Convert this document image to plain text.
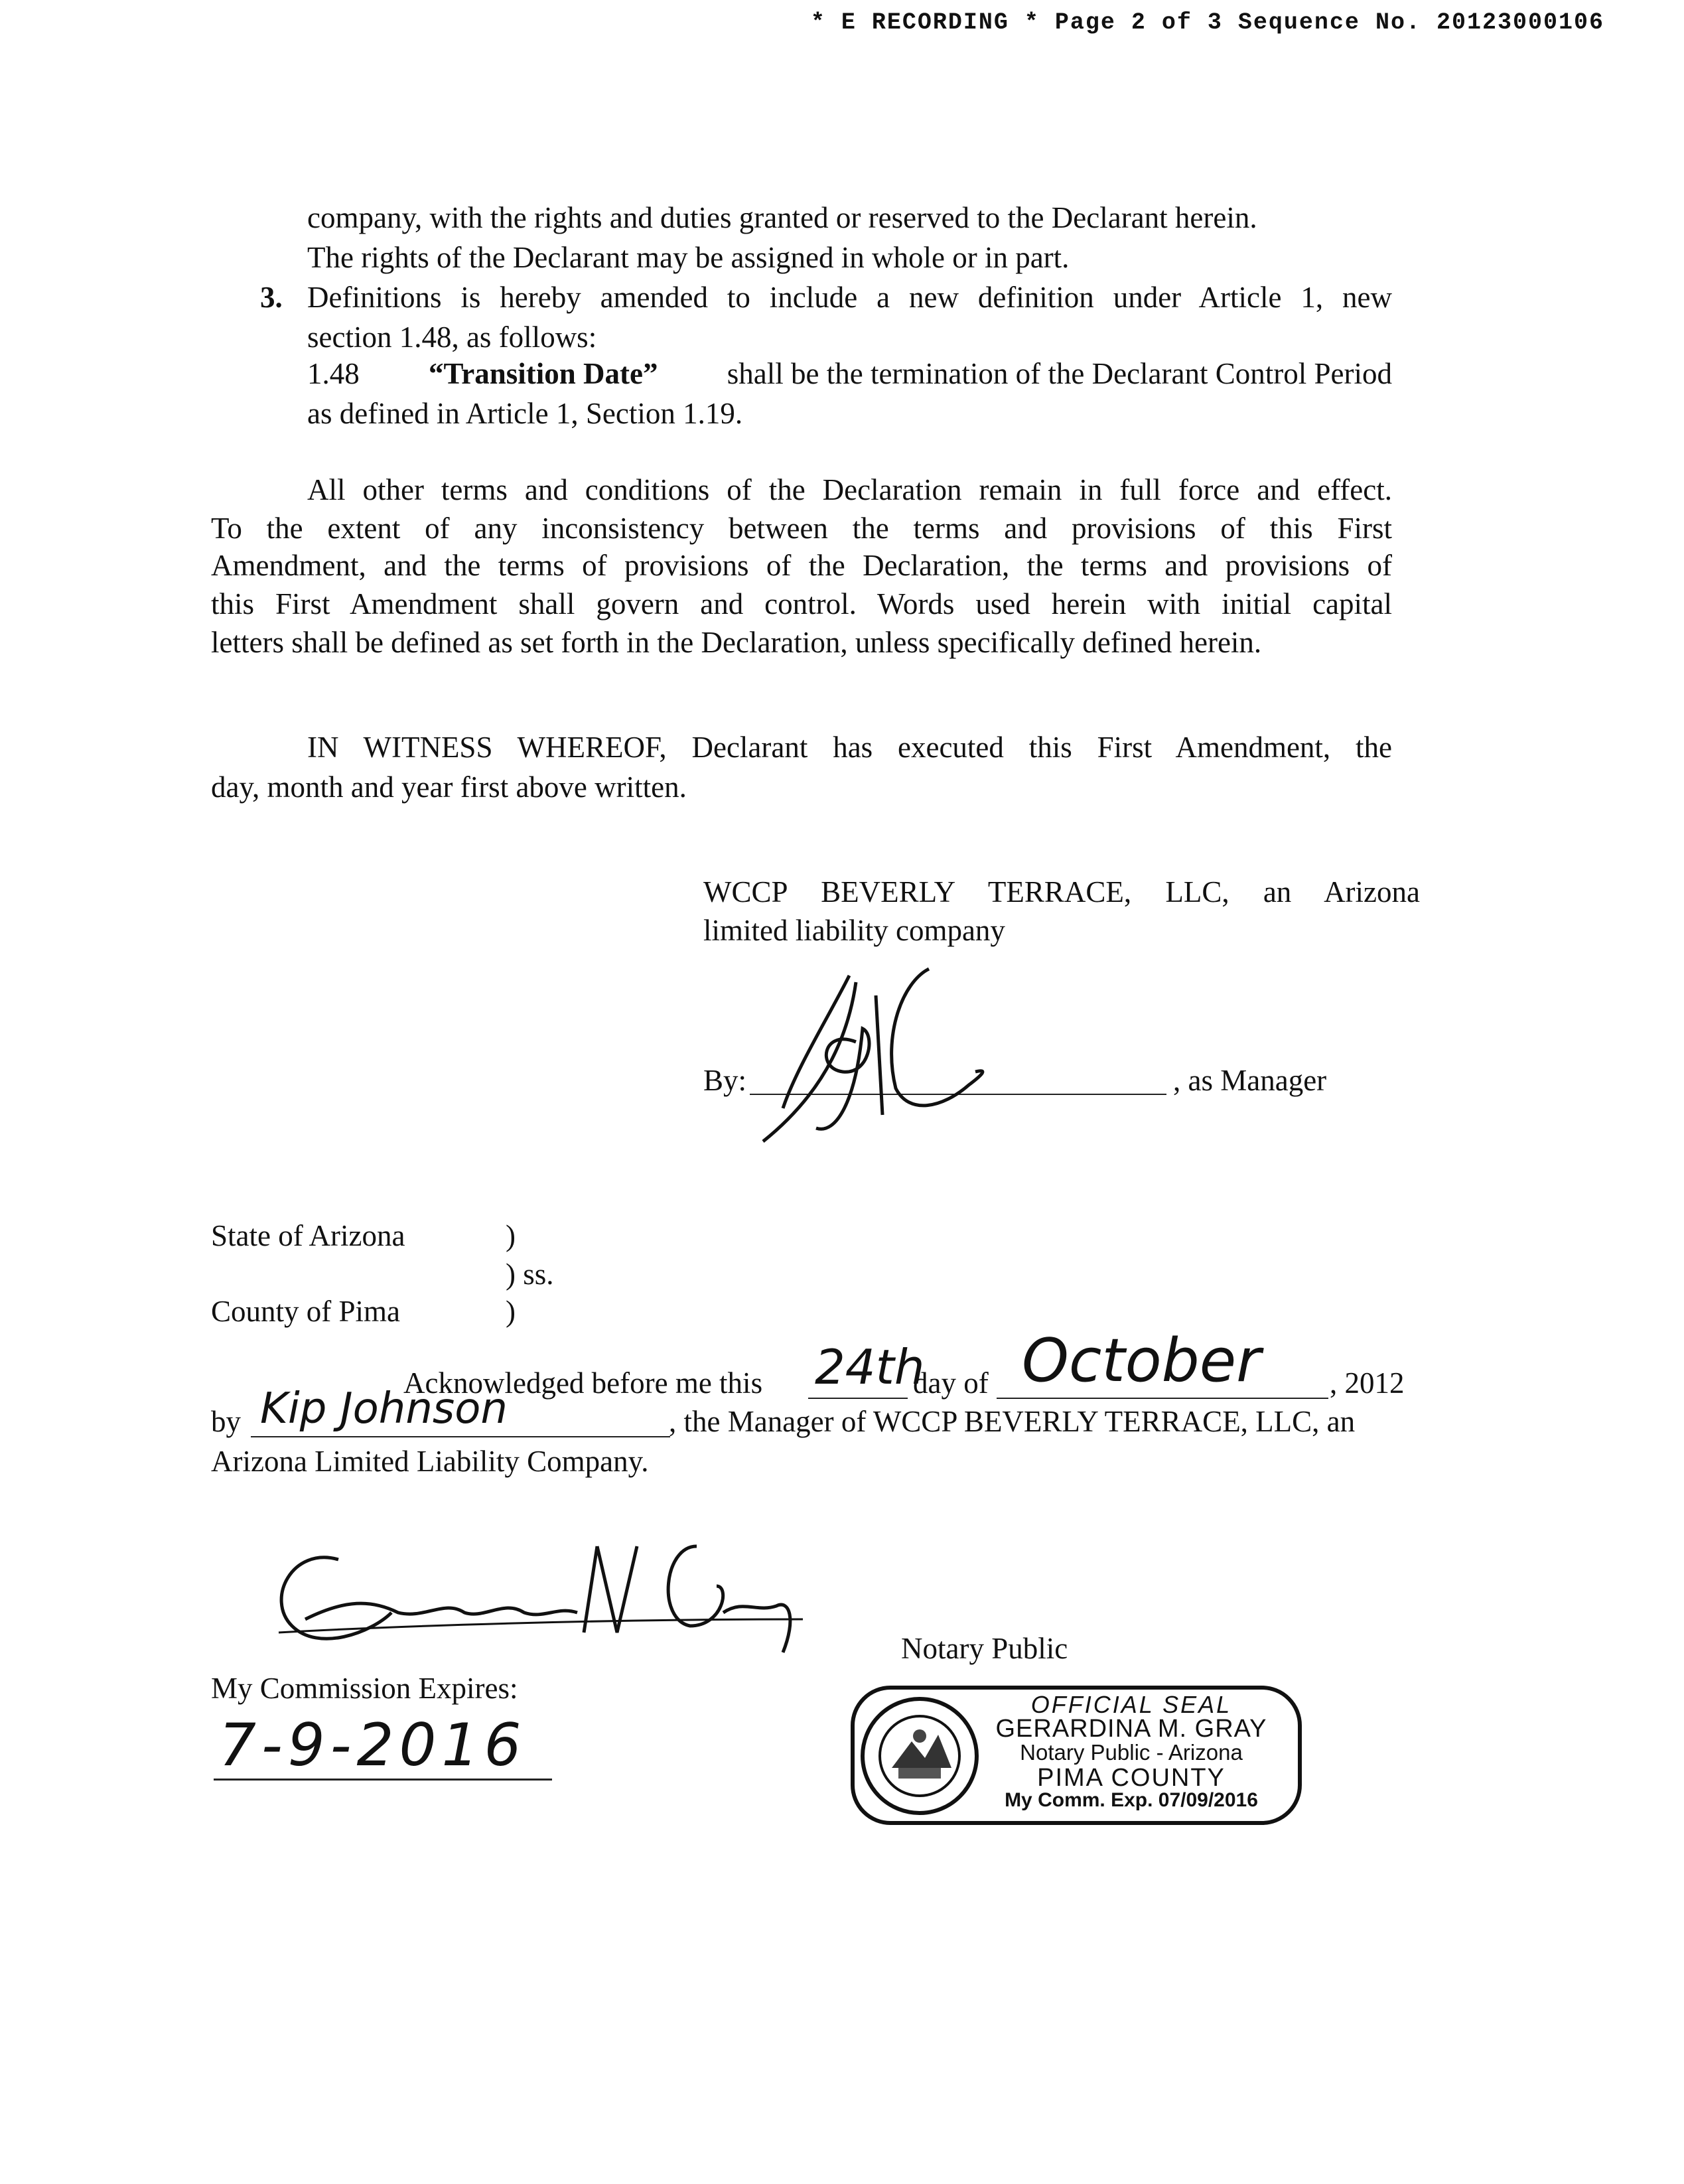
* E RECORDING * Page 2 of 3 Sequence No. 20123000106
company, with the rights and duties granted or reserved to the Declarant herein.
The rights of the Declarant may be assigned in whole or in part.
3. Definitions is hereby amended to include a new definition under Article 1, new
section 1.48, as follows:
1.48 “Transition Date” shall be the termination of the Declarant Control Period
as defined in Article 1, Section 1.19.
All other terms and conditions of the Declaration remain in full force and effect.
To the extent of any inconsistency between the terms and provisions of this First
Amendment, and the terms of provisions of the Declaration, the terms and provisions of
this First Amendment shall govern and control. Words used herein with initial capital
letters shall be defined as set forth in the Declaration, unless specifically defined herein.
IN WITNESS WHEREOF, Declarant has executed this First Amendment, the
day, month and year first above written.
WCCP BEVERLY TERRACE, LLC, an Arizona
limited liability company
By:	, as Manager
State of Arizona	)
) ss.
County of Pima	)
Acknowledged before me this 24th
day of October , 2012
by Kip Johnson	, the Manager of WCCP BEVERLY TERRACE, LLC, an
Arizona Limited Liability Company.
Notary Public
My Commission Expires:
7-9-2016
OFFICIAL SEAL
GERARDINA M. GRAY
Notary Public - Arizona
PIMA COUNTY
My Comm. Exp. 07/09/2016
